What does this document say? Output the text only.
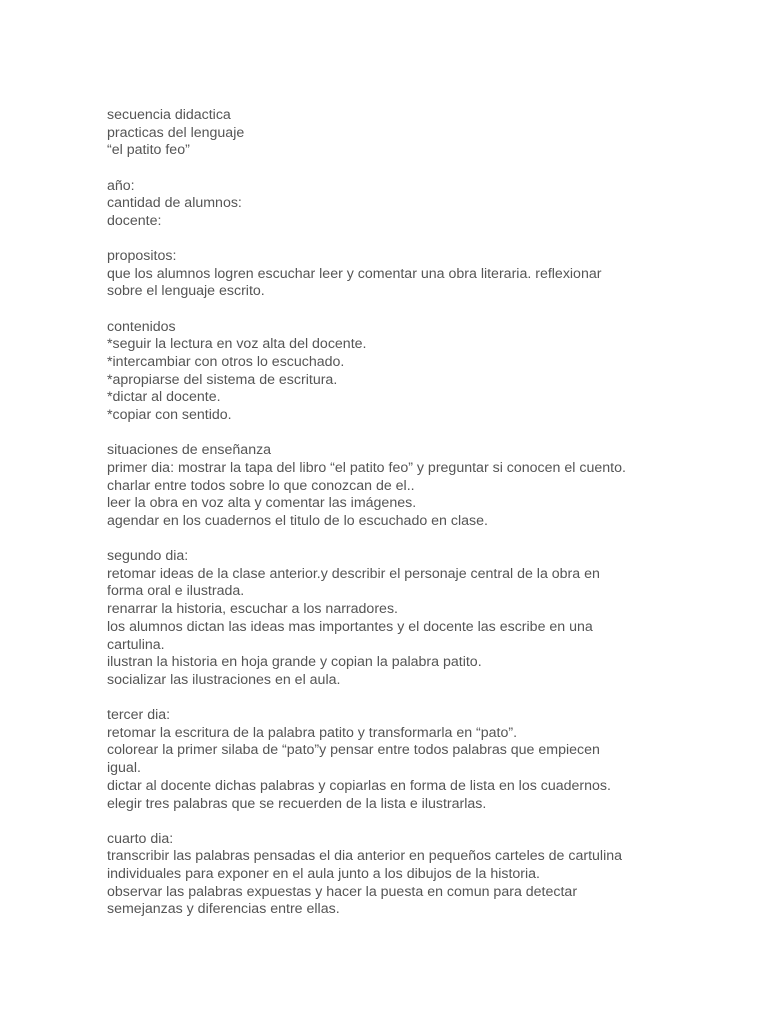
secuencia didactica
practicas del lenguaje
“el patito feo”
año:
cantidad de alumnos:
docente:
propositos:
que los alumnos logren escuchar leer y comentar una obra literaria. reflexionar
sobre el lenguaje escrito.
contenidos
*seguir la lectura en voz alta del docente.
*intercambiar con otros lo escuchado.
*apropiarse del sistema de escritura.
*dictar al docente.
*copiar con sentido.
situaciones de enseñanza
primer dia: mostrar la tapa del libro “el patito feo” y preguntar si conocen el cuento.
charlar entre todos sobre lo que conozcan de el..
leer la obra en voz alta y comentar las imágenes.
agendar en los cuadernos el titulo de lo escuchado en clase.
segundo dia:
retomar ideas de la clase anterior.y describir el personaje central de la obra en
forma oral e ilustrada.
renarrar la historia, escuchar a los narradores.
los alumnos dictan las ideas mas importantes y el docente las escribe en una
cartulina.
ilustran la historia en hoja grande y copian la palabra patito.
socializar las ilustraciones en el aula.
tercer dia:
retomar la escritura de la palabra patito y transformarla en “pato”.
colorear la primer silaba de “pato”y pensar entre todos palabras que empiecen
igual.
dictar al docente dichas palabras y copiarlas en forma de lista en los cuadernos.
elegir tres palabras que se recuerden de la lista e ilustrarlas.
cuarto dia:
transcribir las palabras pensadas el dia anterior en pequeños carteles de cartulina
individuales para exponer en el aula junto a los dibujos de la historia.
observar las palabras expuestas y hacer la puesta en comun para detectar
semejanzas y diferencias entre ellas.
